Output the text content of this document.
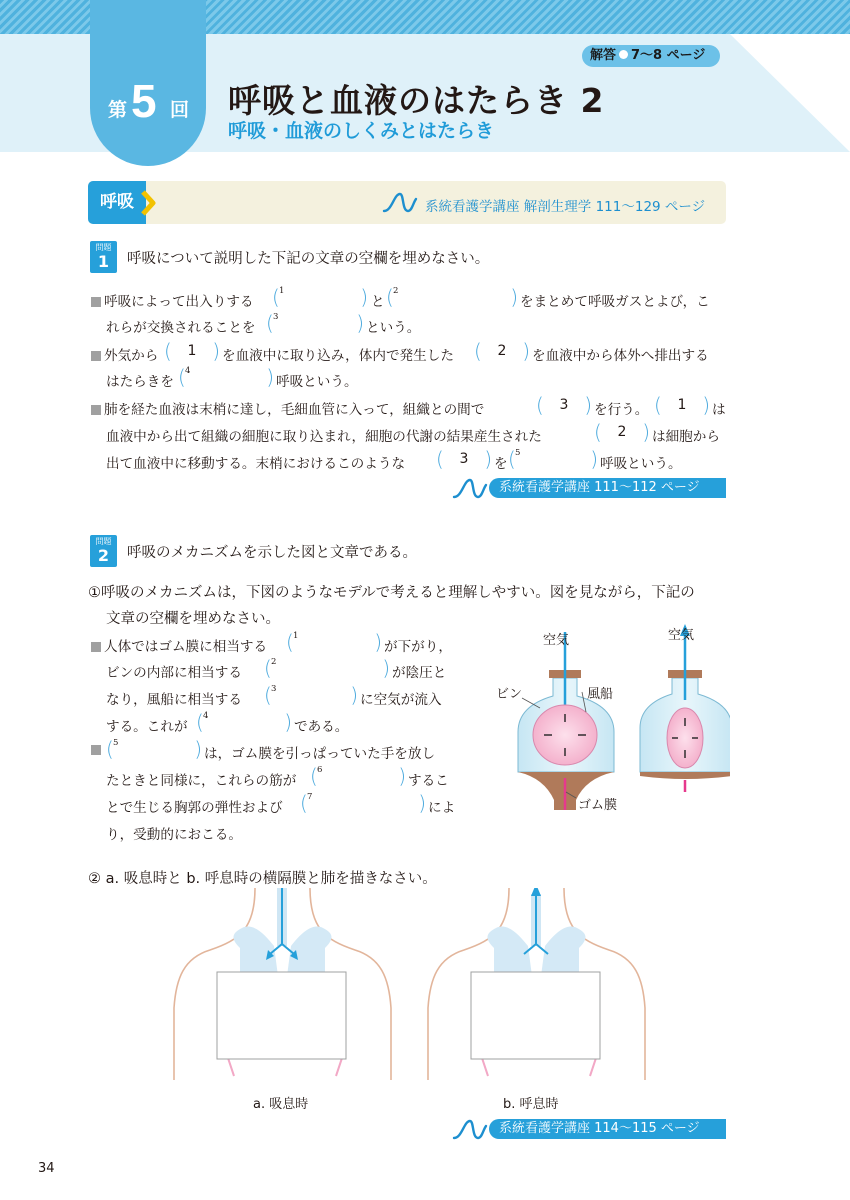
第 5 回
解答 7〜8 ページ
呼吸と血液のはたらき 2
呼吸・血液のしくみとはたらき
呼吸	系統看護学講座 解剖生理学 111〜129 ページ
問題
1	呼吸について説明した下記の文章の空欄を埋めなさい。
呼吸によって出入りする ( 1	) と ( 2	) をまとめて呼吸ガスとよび，こ
れらが交換されることを ( 3	) という。
外気から (	1 ) を血液中に取り込み，体内で発生した (	2 ) を血液中から体外へ排出する
はたらきを ( 4	) 呼吸という。
肺を経た血液は末梢に達し，毛細血管に入って，組織との間で	(	3 ) を行う。 (	1 ) は
血液中から出て組織の細胞に取り込まれ，細胞の代謝の結果産生された	(	2 ) は細胞から
出て血液中に移動する。末梢におけるこのような (	3 ) を ( 5	) 呼吸という。
系統看護学講座 111〜112 ページ
問題
2	呼吸のメカニズムを示した図と文章である。
①呼吸のメカニズムは，下図のようなモデルで考えると理解しやすい。図を見ながら，下記の
文章の空欄を埋めなさい。
人体ではゴム膜に相当する ( 1	) が下がり，
ビンの内部に相当する ( 2	) が陰圧と
なり，風船に相当する ( 3	) に空気が流入
する。これが ( 4	) である。
( 5	) は，ゴム膜を引っぱっていた手を放し
たときと同様に，これらの筋が ( 6	) するこ
とで生じる胸郭の弾性および ( 7	) によ
り，受動的におこる。
空気	空気
ビン	風船
ゴム膜
② a. 吸息時と b. 呼息時の横隔膜と肺を描きなさい。
a. 吸息時	b. 呼息時
系統看護学講座 114〜115 ページ
34
